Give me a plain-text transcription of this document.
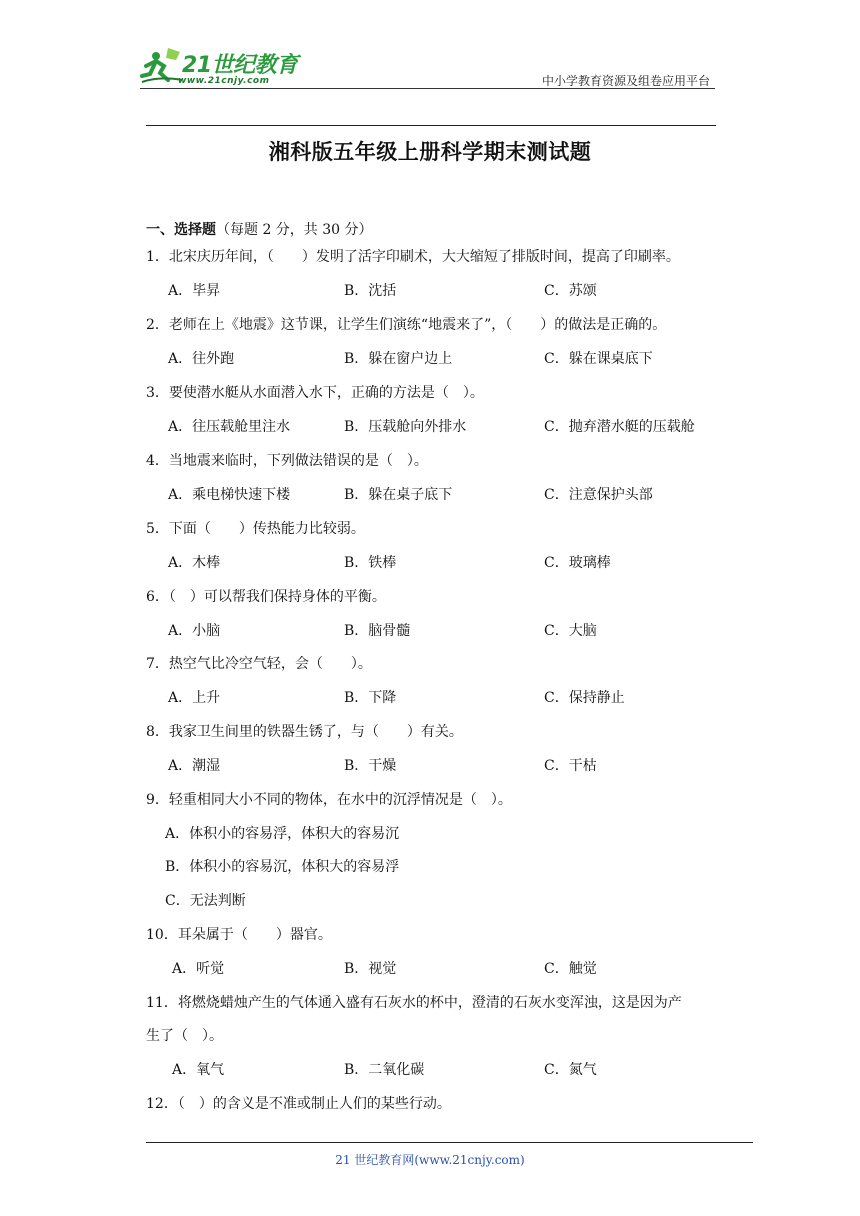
21世纪教育
www.21cnjy.com	中小学教育资源及组卷应用平台
湘科版五年级上册科学期末测试题
一、选择题（每题 2 分，共 30 分）
1．北宋庆历年间，（　　）发明了活字印刷术，大大缩短了排版时间，提高了印刷率。
A．毕昇	B．沈括	C．苏颂
2．老师在上《地震》这节课，让学生们演练“地震来了”，（　　）的做法是正确的。
A．往外跑	B．躲在窗户边上	C．躲在课桌底下
3．要使潜水艇从水面潜入水下，正确的方法是（　）。
A．往压载舱里注水	B．压载舱向外排水	C．抛弃潜水艇的压载舱
4．当地震来临时，下列做法错误的是（　）。
A．乘电梯快速下楼	B．躲在桌子底下	C．注意保护头部
5．下面（　　）传热能力比较弱。
A．木棒	B．铁棒	C．玻璃棒
6．（　）可以帮我们保持身体的平衡。
A．小脑	B．脑骨髓	C．大脑
7．热空气比冷空气轻，会（　　）。
A．上升	B．下降	C．保持静止
8．我家卫生间里的铁器生锈了，与（　　）有关。
A．潮湿	B．干燥	C．干枯
9．轻重相同大小不同的物体，在水中的沉浮情况是（　）。
A．体积小的容易浮，体积大的容易沉
B．体积小的容易沉，体积大的容易浮
C．无法判断
10．耳朵属于（　　）器官。
A．听觉	B．视觉	C．触觉
11．将燃烧蜡烛产生的气体通入盛有石灰水的杯中，澄清的石灰水变浑浊，这是因为产
生了（　）。
A．氧气	B．二氧化碳	C．氮气
12．（　）的含义是不准或制止人们的某些行动。
21 世纪教育网(www.21cnjy.com)
